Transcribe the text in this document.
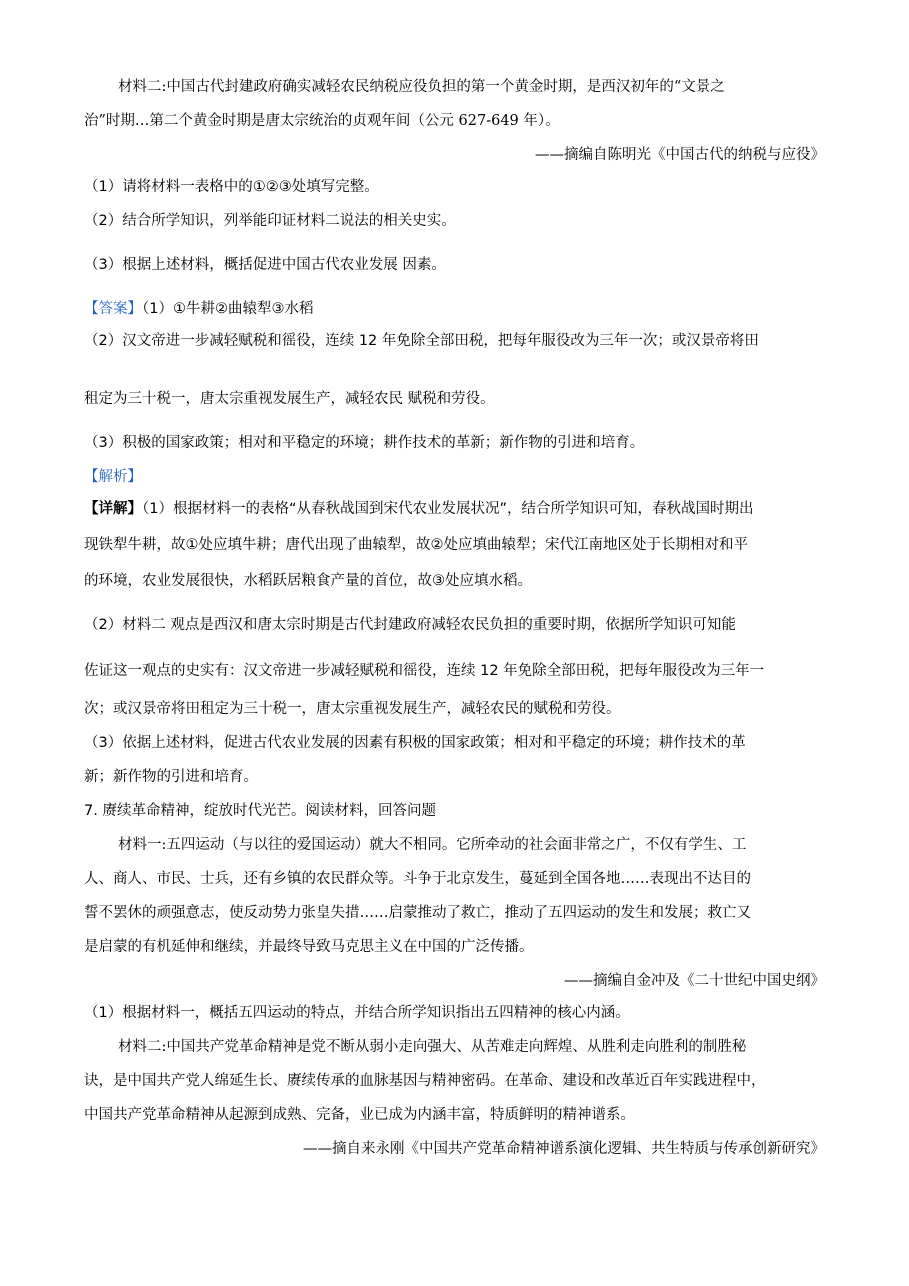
材料二:中国古代封建政府确实减轻农民纳税应役负担的第一个黄金时期，是西汉初年的“文景之

治”时期…第二个黄金时期是唐太宗统治的贞观年间（公元 627-649 年）。

——摘编自陈明光《中国古代的纳税与应役》

（1）请将材料一表格中的①②③处填写完整。

（2）结合所学知识，列举能印证材料二说法的相关史实。

（3）根据上述材料，概括促进中国古代农业发展 因素。

【答案】（1）①牛耕②曲辕犁③水稻

（2）汉文帝进一步减轻赋税和徭役，连续 12 年免除全部田税，把每年服役改为三年一次；或汉景帝将田

租定为三十税一，唐太宗重视发展生产，减轻农民 赋税和劳役。

（3）积极的国家政策；相对和平稳定的环境；耕作技术的革新；新作物的引进和培育。

【解析】

【详解】（1）根据材料一的表格“从春秋战国到宋代农业发展状况”，结合所学知识可知，春秋战国时期出

现铁犁牛耕，故①处应填牛耕；唐代出现了曲辕犁，故②处应填曲辕犁；宋代江南地区处于长期相对和平

的环境，农业发展很快，水稻跃居粮食产量的首位，故③处应填水稻。

（2）材料二 观点是西汉和唐太宗时期是古代封建政府减轻农民负担的重要时期，依据所学知识可知能

佐证这一观点的史实有：汉文帝进一步减轻赋税和徭役，连续 12 年免除全部田税，把每年服役改为三年一

次；或汉景帝将田租定为三十税一，唐太宗重视发展生产，减轻农民的赋税和劳役。

（3）依据上述材料，促进古代农业发展的因素有积极的国家政策；相对和平稳定的环境；耕作技术的革

新；新作物的引进和培育。

7. 赓续革命精神，绽放时代光芒。阅读材料，回答问题

材料一:五四运动（与以往的爱国运动）就大不相同。它所牵动的社会面非常之广，不仅有学生、工

人、商人、市民、士兵，还有乡镇的农民群众等。斗争于北京发生，蔓延到全国各地……表现出不达目的

誓不罢休的顽强意志，使反动势力张皇失措……启蒙推动了救亡，推动了五四运动的发生和发展；救亡又

是启蒙的有机延伸和继续，并最终导致马克思主义在中国的广泛传播。

——摘编自金冲及《二十世纪中国史纲》

（1）根据材料一，概括五四运动的特点，并结合所学知识指出五四精神的核心内涵。

材料二:中国共产党革命精神是党不断从弱小走向强大、从苦难走向辉煌、从胜利走向胜利的制胜秘

诀，是中国共产党人绵延生长、赓续传承的血脉基因与精神密码。在革命、建设和改革近百年实践进程中，

中国共产党革命精神从起源到成熟、完备，业已成为内涵丰富，特质鲜明的精神谱系。

——摘自来永刚《中国共产党革命精神谱系演化逻辑、共生特质与传承创新研究》
